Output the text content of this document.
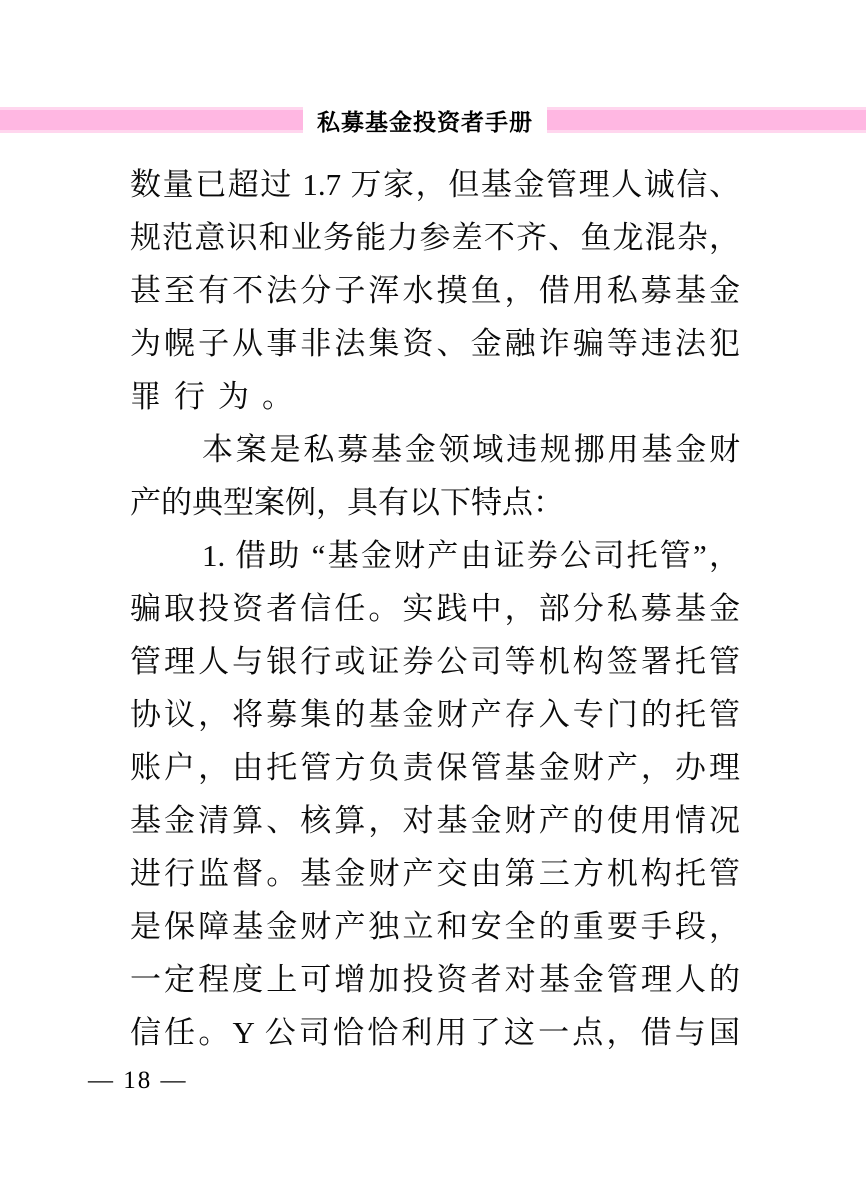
私募基金投资者手册
数量已超过 1.7 万家，但基金管理人诚信、
规范意识和业务能力参差不齐、鱼龙混杂，
甚至有不法分子浑水摸鱼，借用私募基金
为幌子从事非法集资、金融诈骗等违法犯
罪行为。
本案是私募基金领域违规挪用基金财
产的典型案例，具有以下特点：
1. 借助 “基金财产由证券公司托管”，
骗取投资者信任。实践中，部分私募基金
管理人与银行或证券公司等机构签署托管
协议，将募集的基金财产存入专门的托管
账户，由托管方负责保管基金财产，办理
基金清算、核算，对基金财产的使用情况
进行监督。基金财产交由第三方机构托管
是保障基金财产独立和安全的重要手段，
一定程度上可增加投资者对基金管理人的
信任。Y 公司恰恰利用了这一点，借与国
— 18 —
